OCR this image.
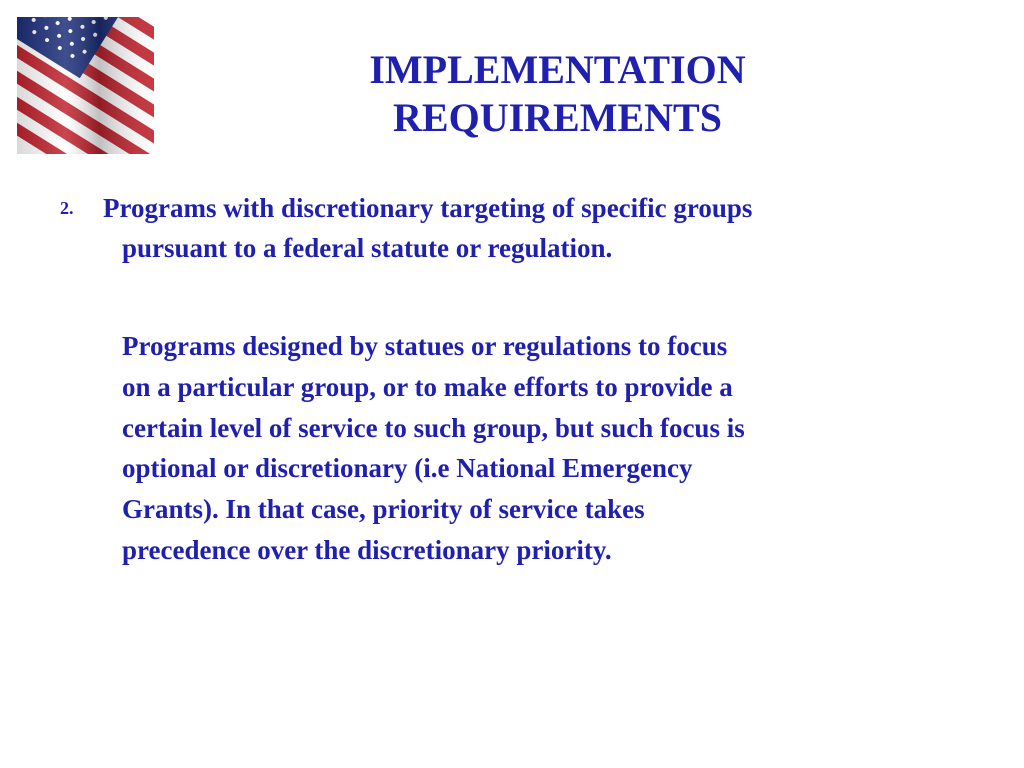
IMPLEMENTATION
REQUIREMENTS
2. Programs with discretionary targeting of specific groups
pursuant to a federal statute or regulation.

Programs designed by statues or regulations to focus
on a particular group, or to make efforts to provide a
certain level of service to such group, but such focus is
optional or discretionary (i.e National Emergency
Grants). In that case, priority of service takes
precedence over the discretionary priority.
